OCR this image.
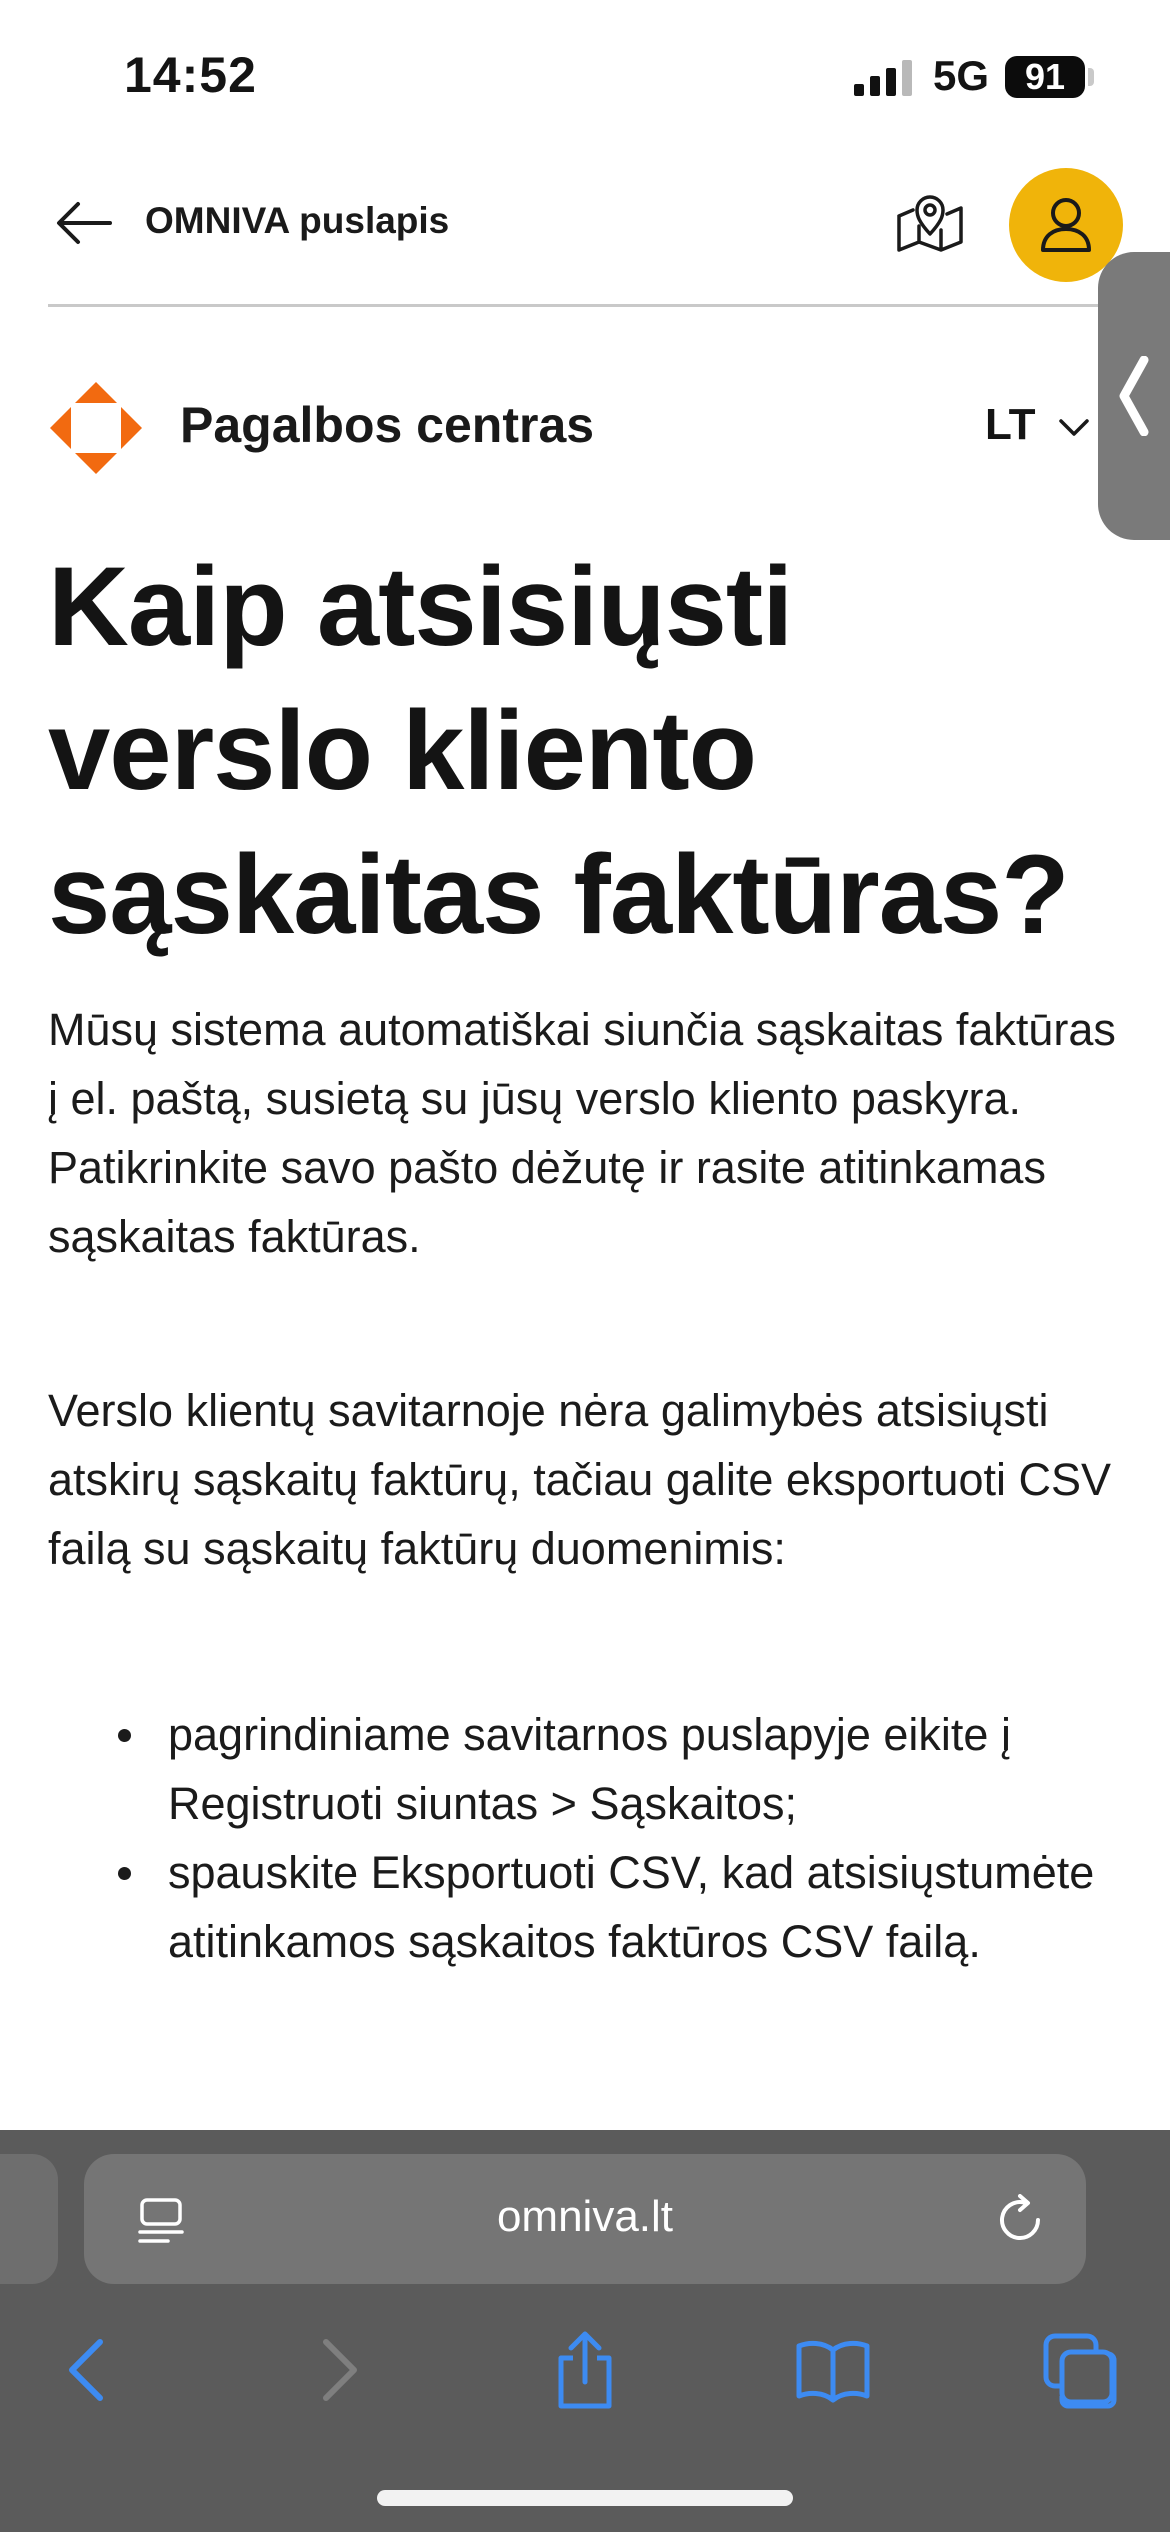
14:52	5G 91
OMNIVA puslapis
Pagalbos centras	LT
Kaip atsisiųsti verslo kliento sąskaitas faktūras?

Mūsų sistema automatiškai siunčia sąskaitas faktūras į el. paštą, susietą su jūsų verslo kliento paskyra. Patikrinkite savo pašto dėžutę ir rasite atitinkamas sąskaitas faktūras.

Verslo klientų savitarnoje nėra galimybės atsisiųsti atskirų sąskaitų faktūrų, tačiau galite eksportuoti CSV failą su sąskaitų faktūrų duomenimis:

pagrindiniame savitarnos puslapyje eikite į Registruoti siuntas > Sąskaitos;
spauskite Eksportuoti CSV, kad atsisiųstumėte atitinkamos sąskaitos faktūros CSV failą.
omniva.lt
